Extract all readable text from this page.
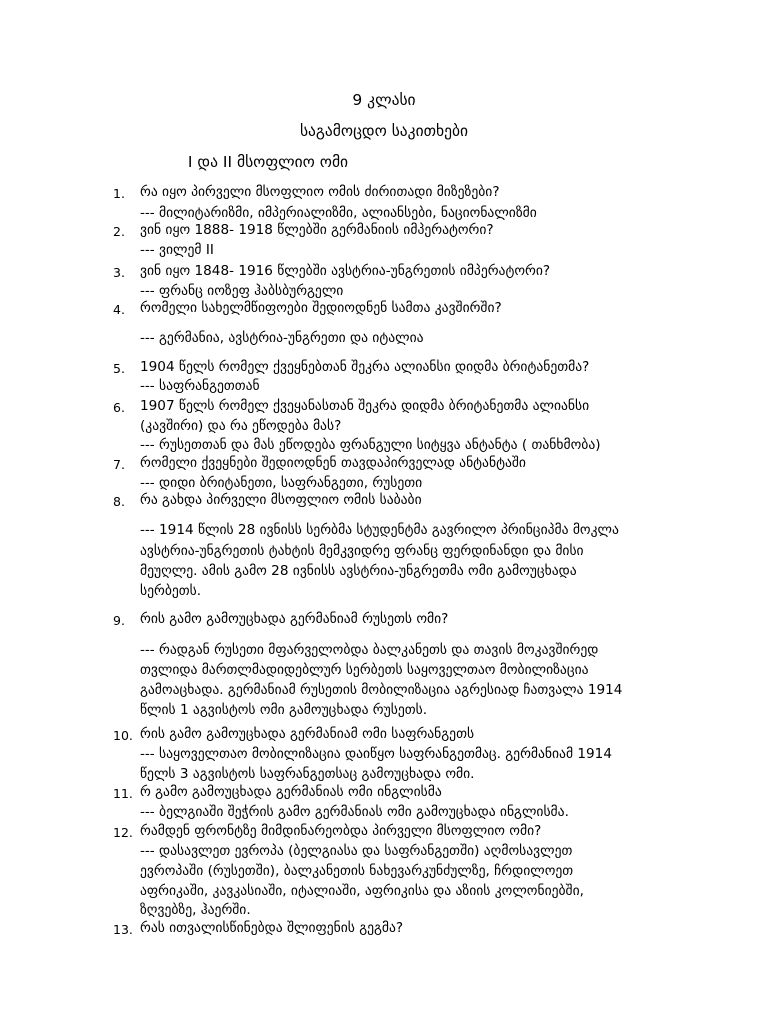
9 კლასი
საგამოცდო საკითხები
I და II მსოფლიო ომი
1.	რა იყო პირველი მსოფლიო ომის ძირითადი მიზეზები?
--- მილიტარიზმი, იმპერიალიზმი, ალიანსები, ნაციონალიზმი
2.	ვინ იყო 1888- 1918 წლებში გერმანიის იმპერატორი?
--- ვილემ II
3.	ვინ იყო 1848- 1916 წლებში ავსტრია-უნგრეთის იმპერატორი?
--- ფრანც იოზეფ ჰაბსბურგელი
4.	რომელი სახელმწიფოები შედიოდნენ სამთა კავშირში?
--- გერმანია, ავსტრია-უნგრეთი და იტალია
5.	1904 წელს რომელ ქვეყნებთან შეკრა ალიანსი დიდმა ბრიტანეთმა?
--- საფრანგეთთან
6.	1907 წელს რომელ ქვეყანასთან შეკრა დიდმა ბრიტანეთმა ალიანსი
(კავშირი) და რა ეწოდება მას?
--- რუსეთთან და მას ეწოდება ფრანგული სიტყვა ანტანტა ( თანხმობა)
7.	რომელი ქვეყნები შედიოდნენ თავდაპირველად ანტანტაში
--- დიდი ბრიტანეთი, საფრანგეთი, რუსეთი
8.	რა გახდა პირველი მსოფლიო ომის საბაბი
--- 1914 წლის 28 ივნისს სერბმა სტუდენტმა გავრილო პრინციპმა მოკლა
ავსტრია-უნგრეთის ტახტის მემკვიდრე ფრანც ფერდინანდი და მისი
მეუღლე. ამის გამო 28 ივნისს ავსტრია-უნგრეთმა ომი გამოუცხადა
სერბეთს.
9.	რის გამო გამოუცხადა გერმანიამ რუსეთს ომი?
--- რადგან რუსეთი მფარველობდა ბალკანეთს და თავის მოკავშირედ
თვლიდა მართლმადიდებლურ სერბეთს საყოველთაო მობილიზაცია
გამოაცხადა. გერმანიამ რუსეთის მობილიზაცია აგრესიად ჩათვალა 1914
წლის 1 აგვისტოს ომი გამოუცხადა რუსეთს.
10. რის გამო გამოუცხადა გერმანიამ ომი საფრანგეთს
--- საყოველთაო მობილიზაცია დაიწყო საფრანგეთმაც. გერმანიამ 1914
წელს 3 აგვისტოს საფრანგეთსაც გამოუცხადა ომი.
11. რ გამო გამოუცხადა გერმანიას ომი ინგლისმა
--- ბელგიაში შეჭრის გამო გერმანიას ომი გამოუცხადა ინგლისმა.
12. რამდენ ფრონტზე მიმდინარეობდა პირველი მსოფლიო ომი?
--- დასავლეთ ევროპა (ბელგიასა და საფრანგეთში) აღმოსავლეთ
ევროპაში (რუსეთში), ბალკანეთის ნახევარკუნძულზე, ჩრდილოეთ
აფრიკაში, კავკასიაში, იტალიაში, აფრიკისა და აზიის კოლონიებში,
ზღვებზე, ჰაერში.
13. რას ითვალისწინებდა შლიფენის გეგმა?
